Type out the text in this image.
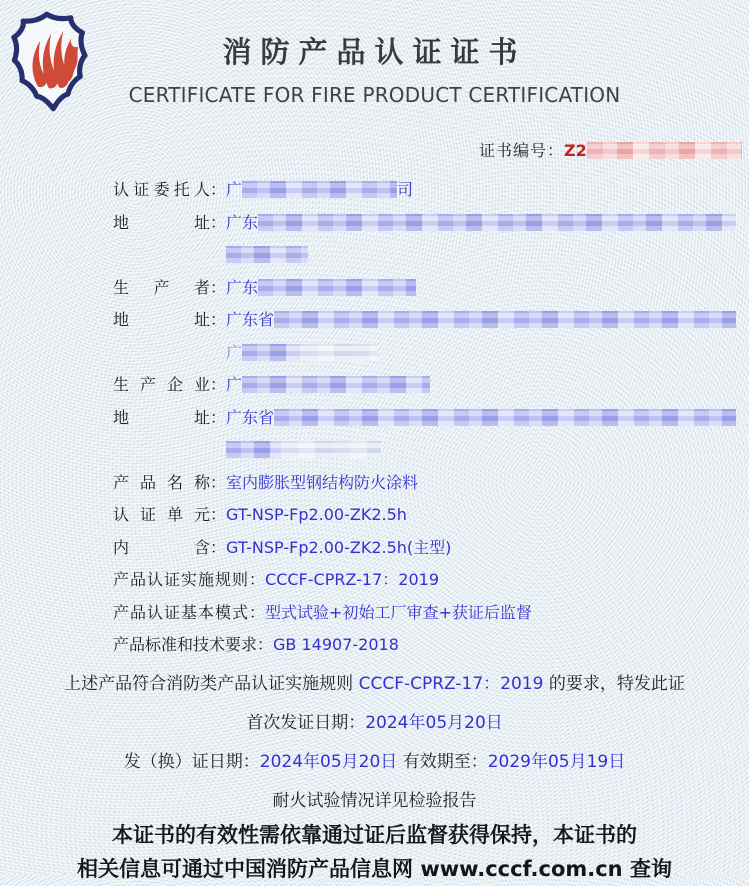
消防产品认证证书
CERTIFICATE FOR FIRE PRODUCT CERTIFICATION
证书编号：Z2
认证委托人 ： 广	司
地址 ： 广东

生产者 ： 广东
地址 ： 广东省
广
生产企业 ： 广
地址 ： 广东省

产品名称 ： 室内膨胀型钢结构防火涂料
认证单元 ： GT-NSP-Fp2.00-ZK2.5h
内含 ： GT-NSP-Fp2.00-ZK2.5h(主型)
产品认证实施规则 ： CCCF-CPRZ-17：2019
产品认证基本模式 ： 型式试验+初始工厂审查+获证后监督
产品标准和技术要求 ： GB 14907-2018
上述产品符合消防类产品认证实施规则 CCCF-CPRZ-17：2019 的要求，特发此证
首次发证日期：2024年05月20日
发（换）证日期：2024年05月20日 有效期至：2029年05月19日
耐火试验情况详见检验报告
本证书的有效性需依靠通过证后监督获得保持，本证书的
相关信息可通过中国消防产品信息网 www.cccf.com.cn 查询
